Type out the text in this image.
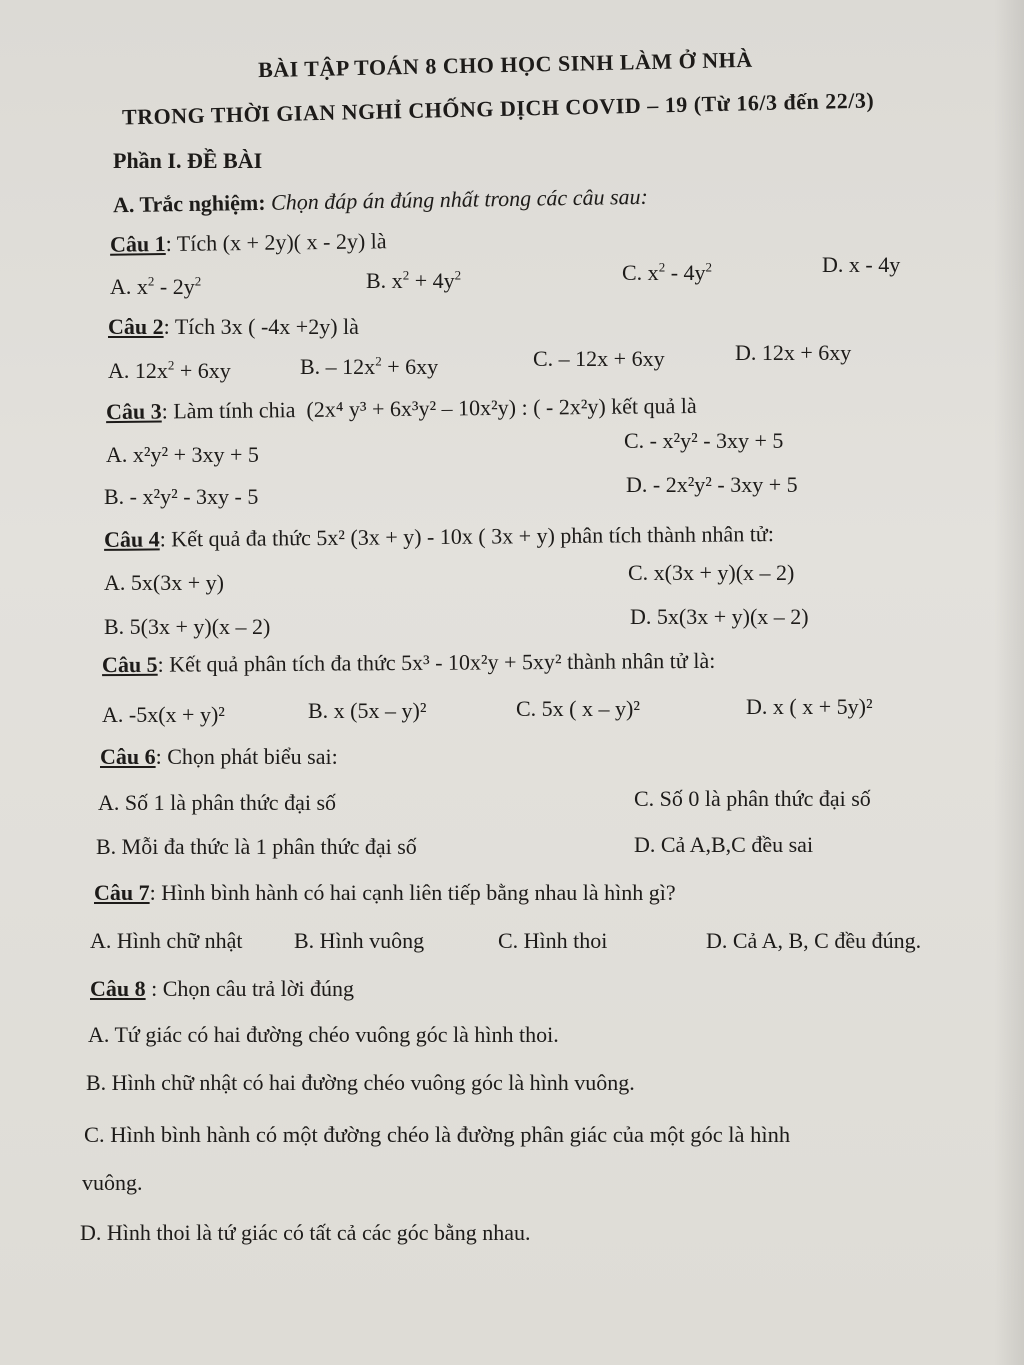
BÀI TẬP TOÁN 8 CHO HỌC SINH LÀM Ở NHÀ
TRONG THỜI GIAN NGHỈ CHỐNG DỊCH COVID – 19 (Từ 16/3 đến 22/3)
Phần I. ĐỀ BÀI
A. Trắc nghiệm: Chọn đáp án đúng nhất trong các câu sau:
Câu 1: Tích (x + 2y)( x - 2y) là
A. $x^2 - 2y^2$	B. $x^2 + 4y^2$	C. $x^2 - 4y^2$	D. x - 4y
Câu 2: Tích 3x ( -4x +2y) là
A. $12x^2 + 6xy$	B. – $12x^2 + 6xy$	C. – 12x + 6xy	D. 12x + 6xy
Câu 3: Làm tính chia (2x⁴ y³ + 6x³y² – 10x²y) : ( - 2x²y) kết quả là
A. x²y² + 3xy + 5
C. - x²y² - 3xy + 5
B. - x²y² - 3xy - 5	D. - 2x²y² - 3xy + 5
Câu 4: Kết quả đa thức 5x² (3x + y) - 10x ( 3x + y) phân tích thành nhân tử:
A. 5x(3x + y)	C. x(3x + y)(x – 2)
B. 5(3x + y)(x – 2)	D. 5x(3x + y)(x – 2)
Câu 5: Kết quả phân tích đa thức 5x³ - 10x²y + 5xy² thành nhân tử là:
A. -5x(x + y)²	B. x (5x – y)²	C. 5x ( x – y)²	D. x ( x + 5y)²
Câu 6: Chọn phát biểu sai:
A. Số 1 là phân thức đại số	C. Số 0 là phân thức đại số
B. Mỗi đa thức là 1 phân thức đại số	D. Cả A,B,C đều sai
Câu 7: Hình bình hành có hai cạnh liên tiếp bằng nhau là hình gì?
A. Hình chữ nhật B. Hình vuông	C. Hình thoi	D. Cả A, B, C đều đúng.
Câu 8 : Chọn câu trả lời đúng
A. Tứ giác có hai đường chéo vuông góc là hình thoi.
B. Hình chữ nhật có hai đường chéo vuông góc là hình vuông.
C. Hình bình hành có một đường chéo là đường phân giác của một góc là hình
vuông.
D. Hình thoi là tứ giác có tất cả các góc bằng nhau.
